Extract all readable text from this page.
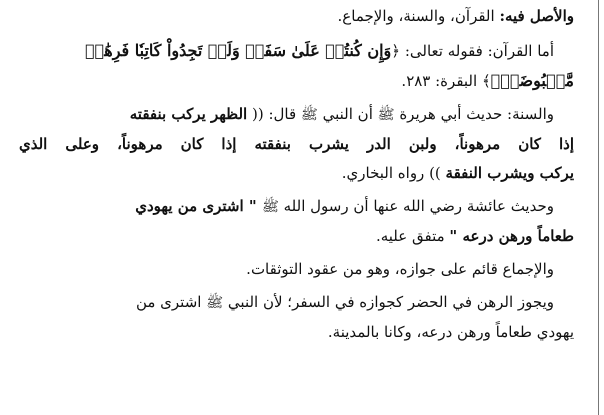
والأصل فيه: القرآن، والسنة، والإجماع.

أما القرآن: فقوله تعالى: ﴿وَإِن كُنتُمۡ عَلَىٰ سَفَرٖ وَلَمۡ تَجِدُواْ كَاتِبٗا فَرِهَٰنٞ

مَّقۡبُوضَةٞۖ﴾ البقرة: ٢٨٣.

والسنة: حديث أبي هريرة ﷺ أن النبي ﷺ قال: (( الظهر يركب بنفقته

إذا كان مرهوناً، ولبن الدر يشرب بنفقته إذا كان مرهوناً، وعلى الذي

يركب ويشرب النفقة )) رواه البخاري.

وحديث عائشة رضي الله عنها أن رسول الله ﷺ " اشترى من يهودي

طعاماً ورهن درعه " متفق عليه.

والإجماع قائم على جوازه، وهو من عقود التوثقات.

ويجوز الرهن في الحضر كجوازه في السفر؛ لأن النبي ﷺ اشترى من

يهودي طعاماً ورهن درعه، وكانا بالمدينة.
